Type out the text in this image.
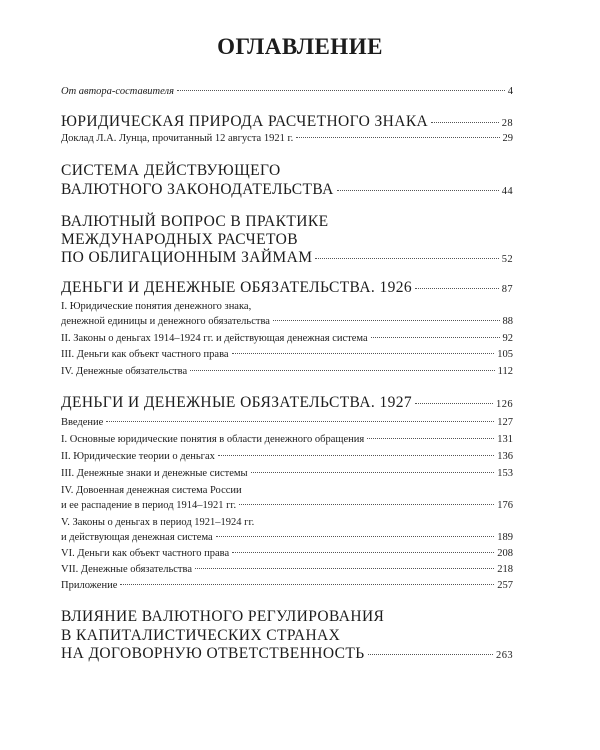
ОГЛАВЛЕНИЕ
От автора-составителя	4
ЮРИДИЧЕСКАЯ ПРИРОДА РАСЧЕТНОГО ЗНАКА	28
Доклад Л.А. Лунца, прочитанный 12 августа 1921 г.	29
СИСТЕМА ДЕЙСТВУЮЩЕГО
ВАЛЮТНОГО ЗАКОНОДАТЕЛЬСТВА	44
ВАЛЮТНЫЙ ВОПРОС В ПРАКТИКЕ
МЕЖДУНАРОДНЫХ РАСЧЕТОВ
ПО ОБЛИГАЦИОННЫМ ЗАЙМАМ	52
ДЕНЬГИ И ДЕНЕЖНЫЕ ОБЯЗАТЕЛЬСТВА. 1926	87
I. Юридические понятия денежного знака,
денежной единицы и денежного обязательства	88
II. Законы о деньгах 1914–1924 гг. и действующая денежная система	92
III. Деньги как объект частного права	105
IV. Денежные обязательства	112
ДЕНЬГИ И ДЕНЕЖНЫЕ ОБЯЗАТЕЛЬСТВА. 1927	126
Введение	127
I. Основные юридические понятия в области денежного обращения	131
II. Юридические теории о деньгах	136
III. Денежные знаки и денежные системы	153
IV. Довоенная денежная система России
и ее распадение в период 1914–1921 гг.	176
V. Законы о деньгах в период 1921–1924 гг.
и действующая денежная система	189
VI. Деньги как объект частного права	208
VII. Денежные обязательства	218
Приложение	257
ВЛИЯНИЕ ВАЛЮТНОГО РЕГУЛИРОВАНИЯ
В КАПИТАЛИСТИЧЕСКИХ СТРАНАХ
НА ДОГОВОРНУЮ ОТВЕТСТВЕННОСТЬ	263
